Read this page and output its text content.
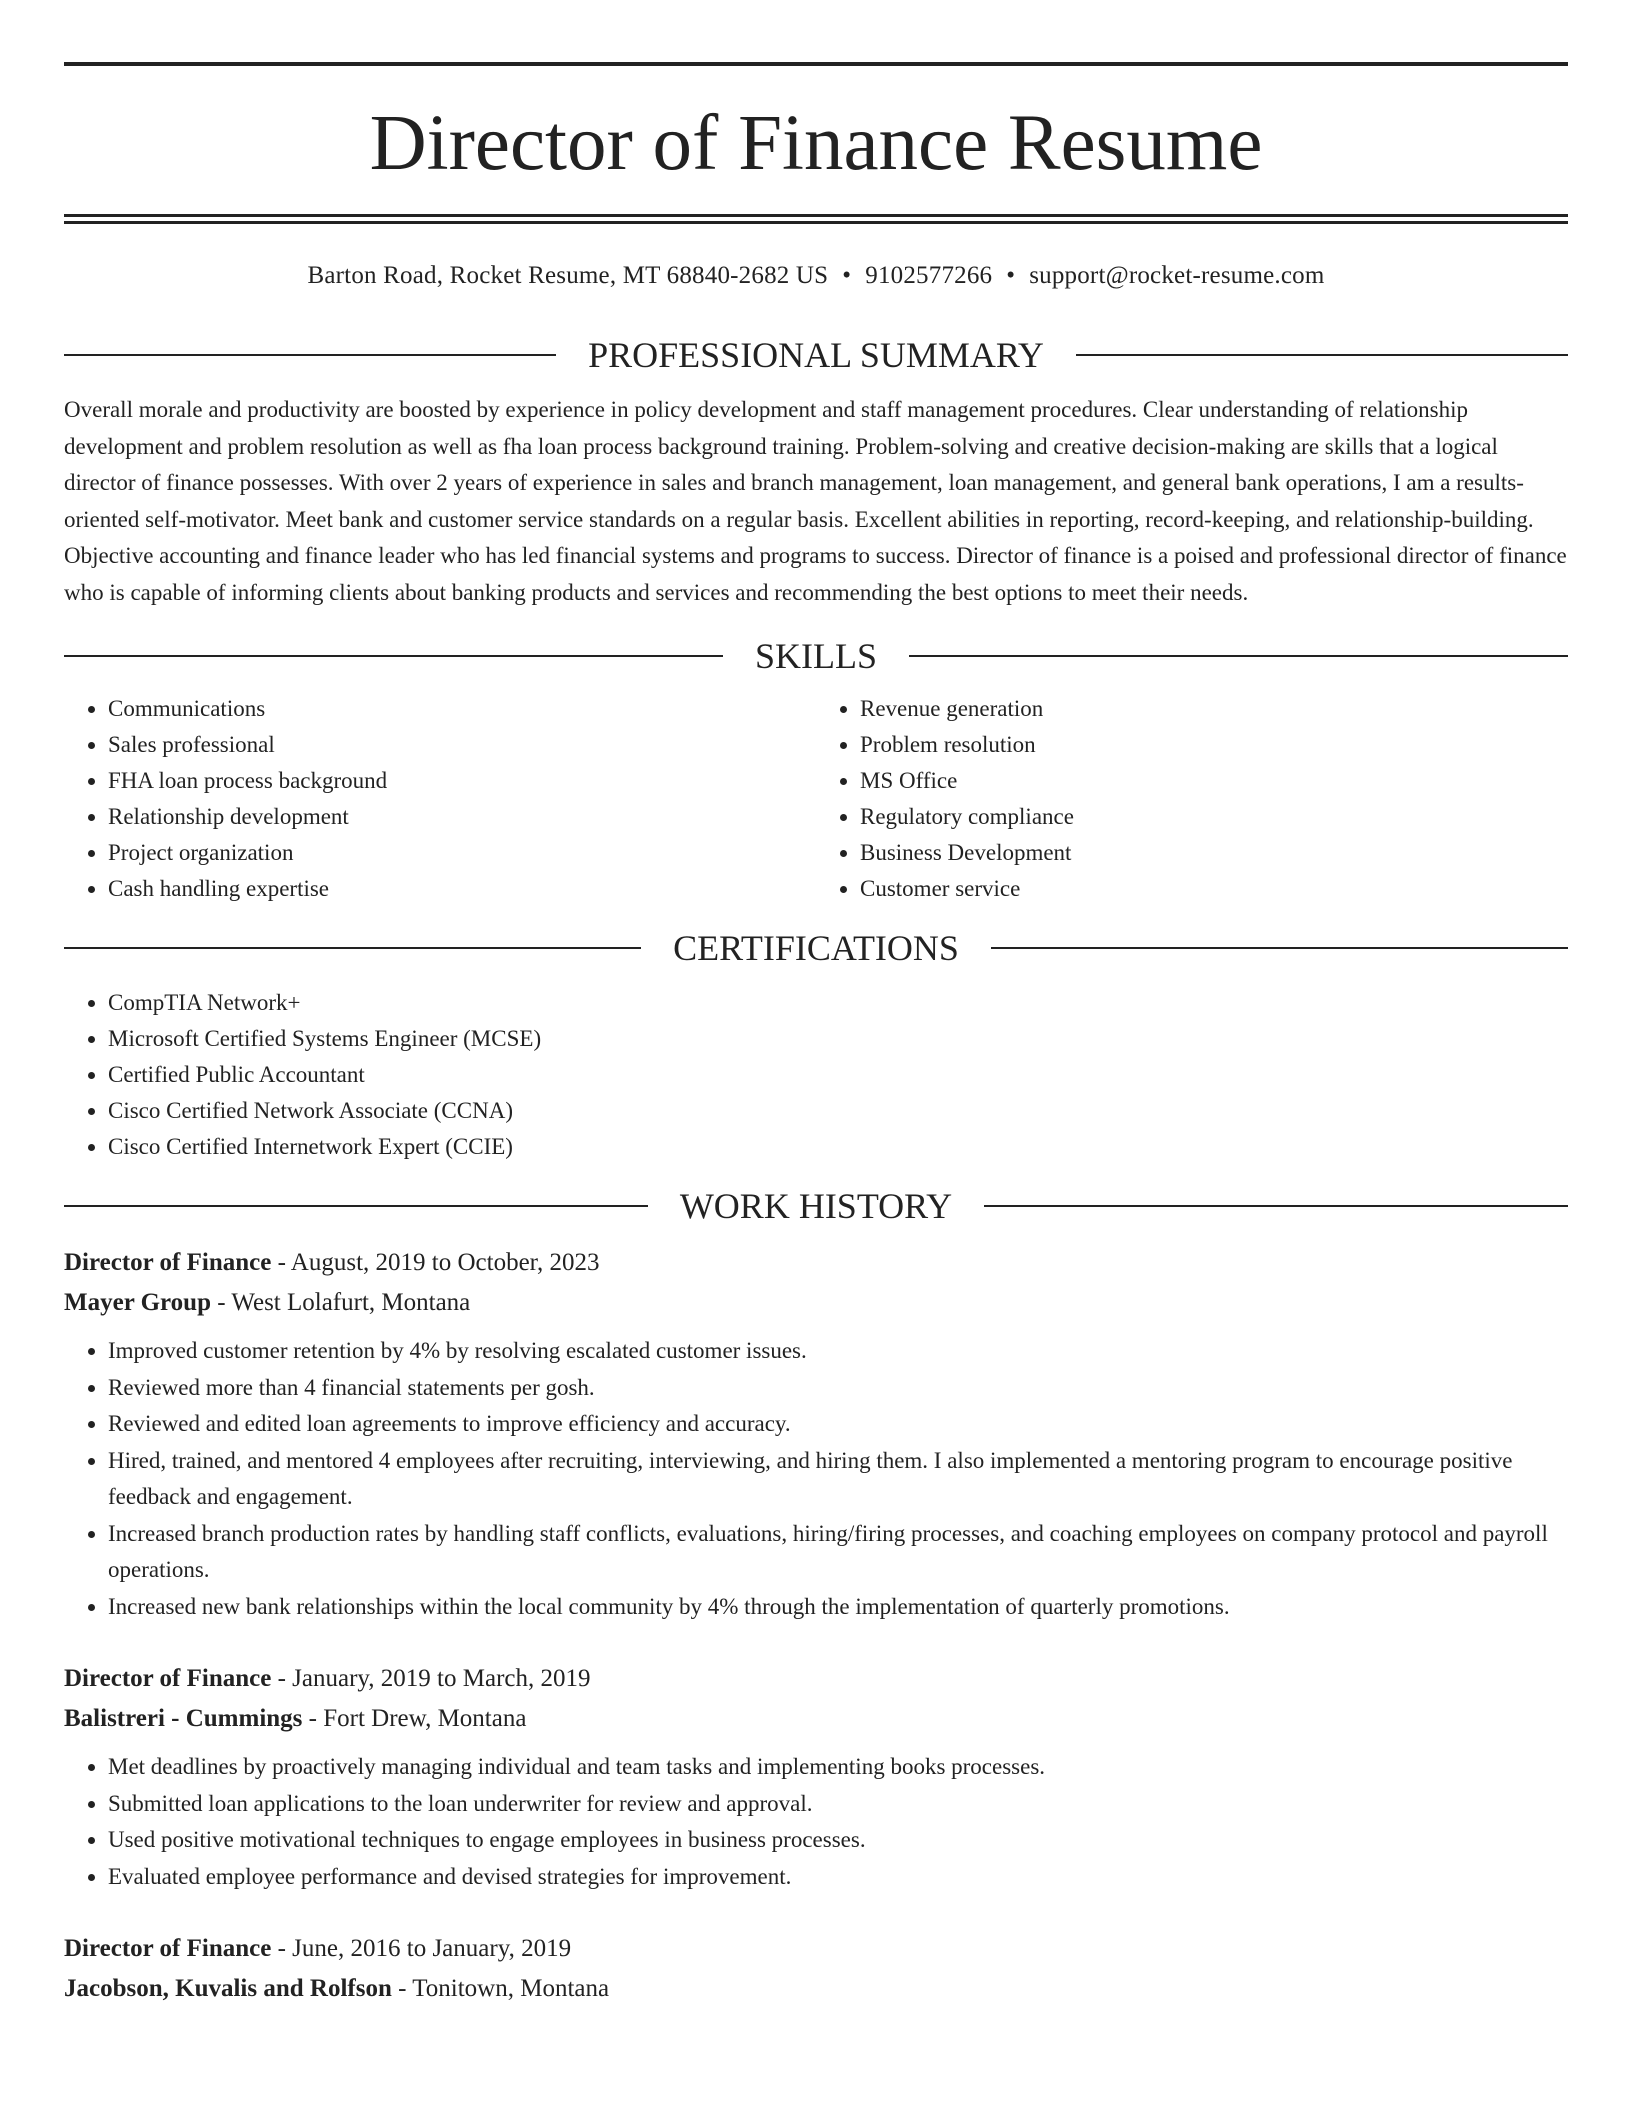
Director of Finance Resume
Barton Road, Rocket Resume, MT 68840-2682 US • 9102577266 • support@rocket-resume.com
PROFESSIONAL SUMMARY

Overall morale and productivity are boosted by experience in policy development and staff management procedures. Clear understanding of relationship development and problem resolution as well as fha loan process background training. Problem-solving and creative decision-making are skills that a logical director of finance possesses. With over 2 years of experience in sales and branch management, loan management, and general bank operations, I am a results-oriented self-motivator. Meet bank and customer service standards on a regular basis. Excellent abilities in reporting, record-keeping, and relationship-building. Objective accounting and finance leader who has led financial systems and programs to success. Director of finance is a poised and professional director of finance who is capable of informing clients about banking products and services and recommending the best options to meet their needs.

SKILLS
• Communications
• Sales professional
• FHA loan process background
• Relationship development
• Project organization
• Cash handling expertise
• Revenue generation
• Problem resolution
• MS Office
• Regulatory compliance
• Business Development
• Customer service
CERTIFICATIONS
• CompTIA Network+
• Microsoft Certified Systems Engineer (MCSE)
• Certified Public Accountant
• Cisco Certified Network Associate (CCNA)
• Cisco Certified Internetwork Expert (CCIE)
WORK HISTORY
Director of Finance - August, 2019 to October, 2023
Mayer Group - West Lolafurt, Montana
• Improved customer retention by 4% by resolving escalated customer issues.
• Reviewed more than 4 financial statements per gosh.
• Reviewed and edited loan agreements to improve efficiency and accuracy.
• Hired, trained, and mentored 4 employees after recruiting, interviewing, and hiring them. I also implemented a mentoring program to encourage positive feedback and engagement.
• Increased branch production rates by handling staff conflicts, evaluations, hiring/firing processes, and coaching employees on company protocol and payroll operations.
• Increased new bank relationships within the local community by 4% through the implementation of quarterly promotions.
Director of Finance - January, 2019 to March, 2019
Balistreri - Cummings - Fort Drew, Montana
• Met deadlines by proactively managing individual and team tasks and implementing books processes.
• Submitted loan applications to the loan underwriter for review and approval.
• Used positive motivational techniques to engage employees in business processes.
• Evaluated employee performance and devised strategies for improvement.
Director of Finance - June, 2016 to January, 2019
Jacobson, Kuvalis and Rolfson - Tonitown, Montana
